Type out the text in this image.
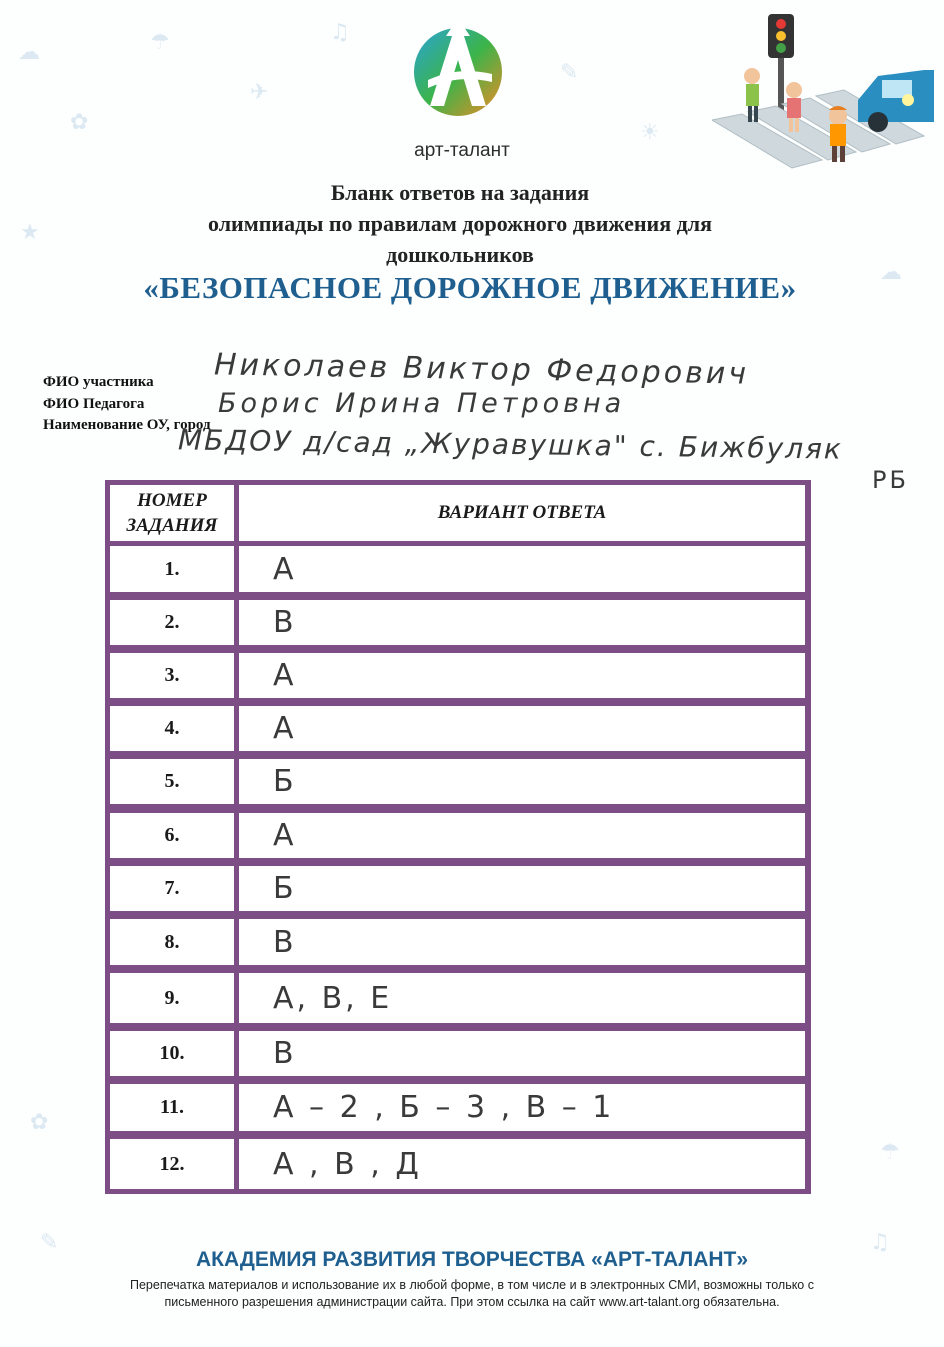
☁
✿
☂
✈
♫
✎
☀
★
☁
✿
☂
♫
✎
арт-талант
Бланк ответов на задания
олимпиады по правилам дорожного движения для
дошкольников
«БЕЗОПАСНОЕ ДОРОЖНОЕ ДВИЖЕНИЕ»
ФИО участника Николаев Виктор Федорович
ФИО Педагога	Борис Ирина Петровна
Наименование ОУ, город
МБДОУ д/сад „Журавушка" с. Бижбуляк
РБ
НОМЕР
ЗАДАНИЯ
ВАРИАНТ ОТВЕТА
1.	А
2.	В
3.	А
4.	А
5.	Б
6.	А
7.	Б
8.	В
9.	А, В, Е
10.	В
11.	А – 2 , Б – 3 , В – 1
12.	А , В , Д
АКАДЕМИЯ РАЗВИТИЯ ТВОРЧЕСТВА «АРТ-ТАЛАНТ»
Перепечатка материалов и использование их в любой форме, в том числе и в электронных СМИ, возможны только с
письменного разрешения администрации сайта. При этом ссылка на сайт www.art-talant.org обязательна.
